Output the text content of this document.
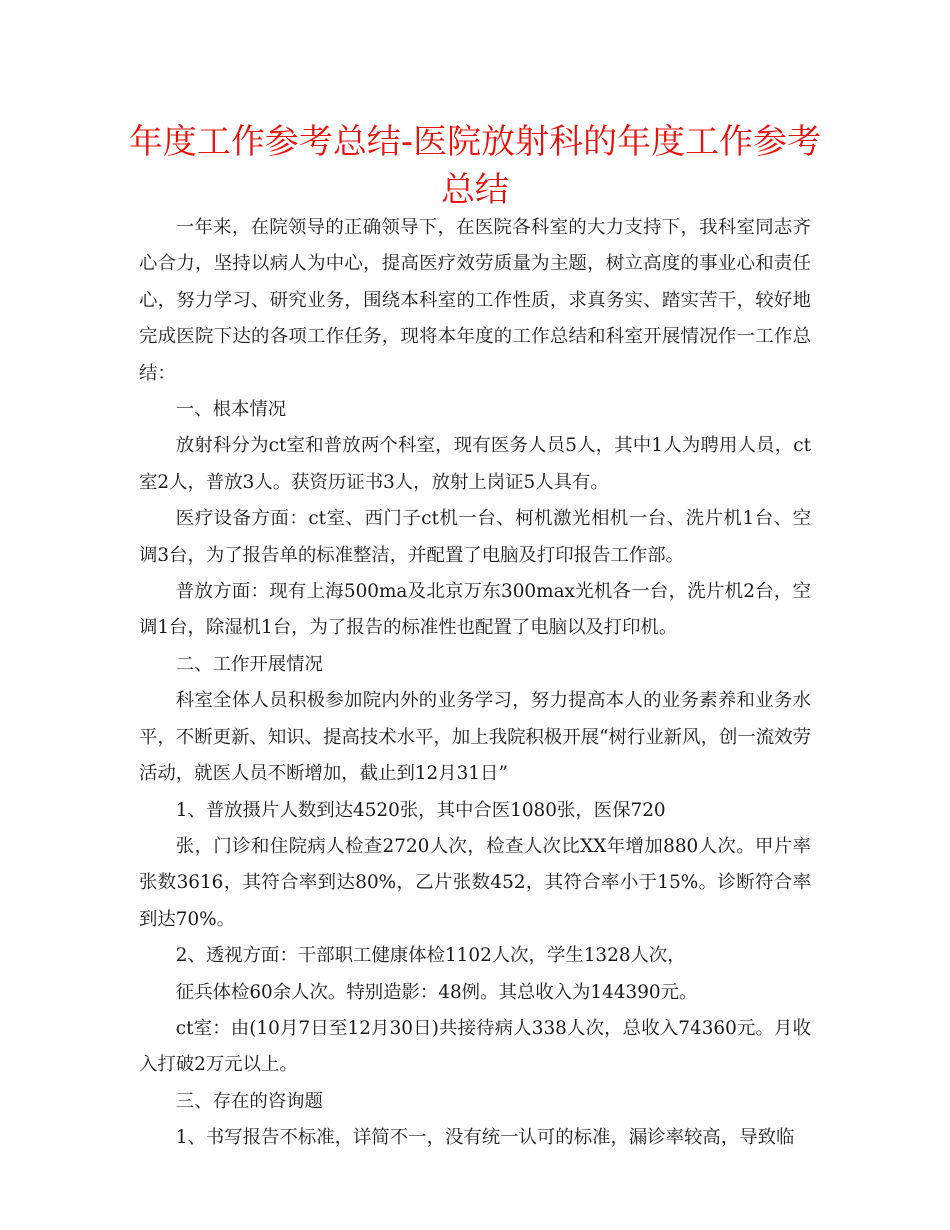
年度工作参考总结-医院放射科的年度工作参考总结

一年来，在院领导的正确领导下，在医院各科室的大力支持下，我科室同志齐心合力，坚持以病人为中心，提高医疗效劳质量为主题，树立高度的事业心和责任心，努力学习、研究业务，围绕本科室的工作性质，求真务实、踏实苦干，较好地完成医院下达的各项工作任务，现将本年度的工作总结和科室开展情况作一工作总结：

一、根本情况

放射科分为ct室和普放两个科室，现有医务人员5人，其中1人为聘用人员，ct室2人，普放3人。获资历证书3人，放射上岗证5人具有。

医疗设备方面：ct室、西门子ct机一台、柯机激光相机一台、洗片机1台、空调3台，为了报告单的标准整洁，并配置了电脑及打印报告工作部。

普放方面：现有上海500ma及北京万东300max光机各一台，洗片机2台，空调1台，除湿机1台，为了报告的标准性也配置了电脑以及打印机。

二、工作开展情况

科室全体人员积极参加院内外的业务学习，努力提高本人的业务素养和业务水平，不断更新、知识、提高技术水平，加上我院积极开展“树行业新风，创一流效劳活动，就医人员不断增加，截止到12月31日”

1、普放摄片人数到达4520张，其中合医1080张，医保720

张，门诊和住院病人检查2720人次，检查人次比XX年增加880人次。甲片率张数3616，其符合率到达80%，乙片张数452，其符合率小于15%。诊断符合率到达70%。

2、透视方面：干部职工健康体检1102人次，学生1328人次，

征兵体检60余人次。特别造影：48例。其总收入为144390元。

ct室：由(10月7日至12月30日)共接待病人338人次，总收入74360元。月收入打破2万元以上。

三、存在的咨询题

1、书写报告不标准，详简不一，没有统一认可的标准，漏诊率较高，导致临
